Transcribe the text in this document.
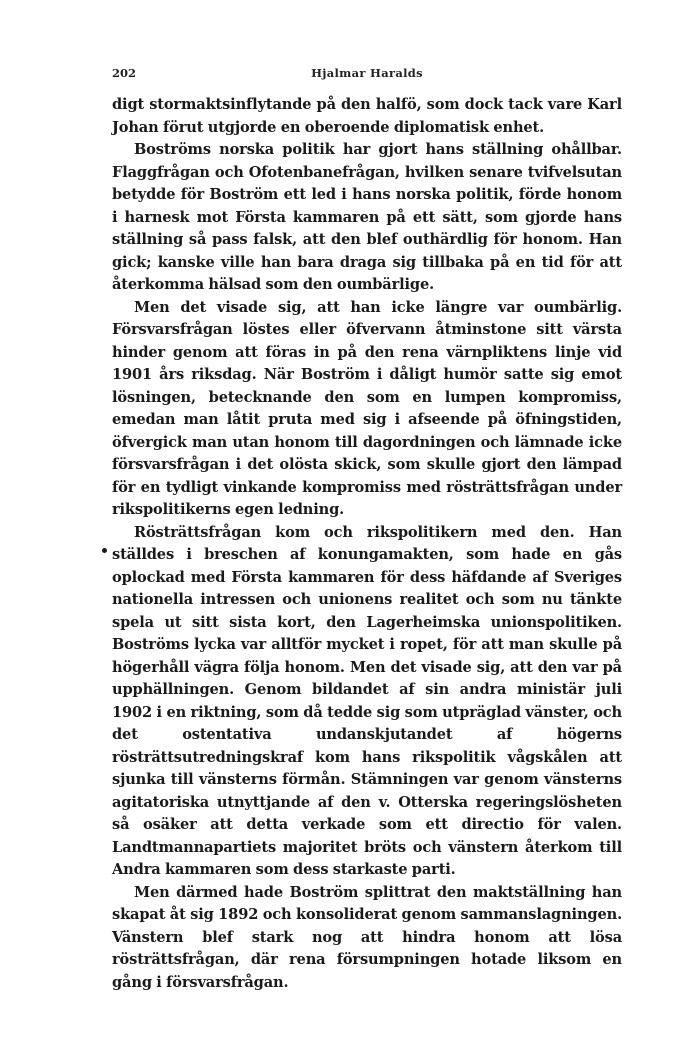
202	Hjalmar Haralds

digt stormaktsinflytande på den halfö, som dock tack vare Karl Johan förut utgjorde en oberoende diplomatisk enhet.

Boströms norska politik har gjort hans ställning ohållbar. Flaggfrågan och Ofotenbanefrågan, hvilken senare tvifvelsutan betydde för Boström ett led i hans norska politik, förde honom i harnesk mot Första kammaren på ett sätt, som gjorde hans ställning så pass falsk, att den blef outhärdlig för honom. Han gick; kanske ville han bara draga sig tillbaka på en tid för att återkomma hälsad som den oumbärlige.

Men det visade sig, att han icke längre var oumbärlig. Försvarsfrågan löstes eller öfvervann åtminstone sitt värsta hinder genom att föras in på den rena värnpliktens linje vid 1901 års riksdag. När Boström i dåligt humör satte sig emot lösningen, betecknande den som en lumpen kompromiss, emedan man låtit pruta med sig i afseende på öfningstiden, öfvergick man utan honom till dagordningen och lämnade icke försvarsfrågan i det olösta skick, som skulle gjort den lämpad för en tydligt vinkande kompromiss med rösträttsfrågan under rikspolitikerns egen ledning.

Rösträttsfrågan kom och rikspolitikern med den. Han ställdes i breschen af konungamakten, som hade en gås oplockad med Första kammaren för dess häfdande af Sveriges nationella intressen och unionens realitet och som nu tänkte spela ut sitt sista kort, den Lagerheimska unionspolitiken. Boströms lycka var alltför mycket i ropet, för att man skulle på högerhåll vägra följa honom. Men det visade sig, att den var på upphällningen. Genom bildandet af sin andra ministär juli 1902 i en riktning, som då tedde sig som utpräglad vänster, och det ostentativa undanskjutandet af högerns rösträttsutredningskraf kom hans rikspolitik vågskålen att sjunka till vänsterns förmån. Stämningen var genom vänsterns agitatoriska utnyttjande af den v. Otterska regeringslösheten så osäker att detta verkade som ett directio för valen. Landtmannapartiets majoritet bröts och vänstern återkom till Andra kammaren som dess starkaste parti.

Men därmed hade Boström splittrat den maktställning han skapat åt sig 1892 och konsoliderat genom sammanslagningen. Vänstern blef stark nog att hindra honom att lösa rösträttsfrågan, där rena försumpningen hotade liksom en gång i försvarsfrågan.
